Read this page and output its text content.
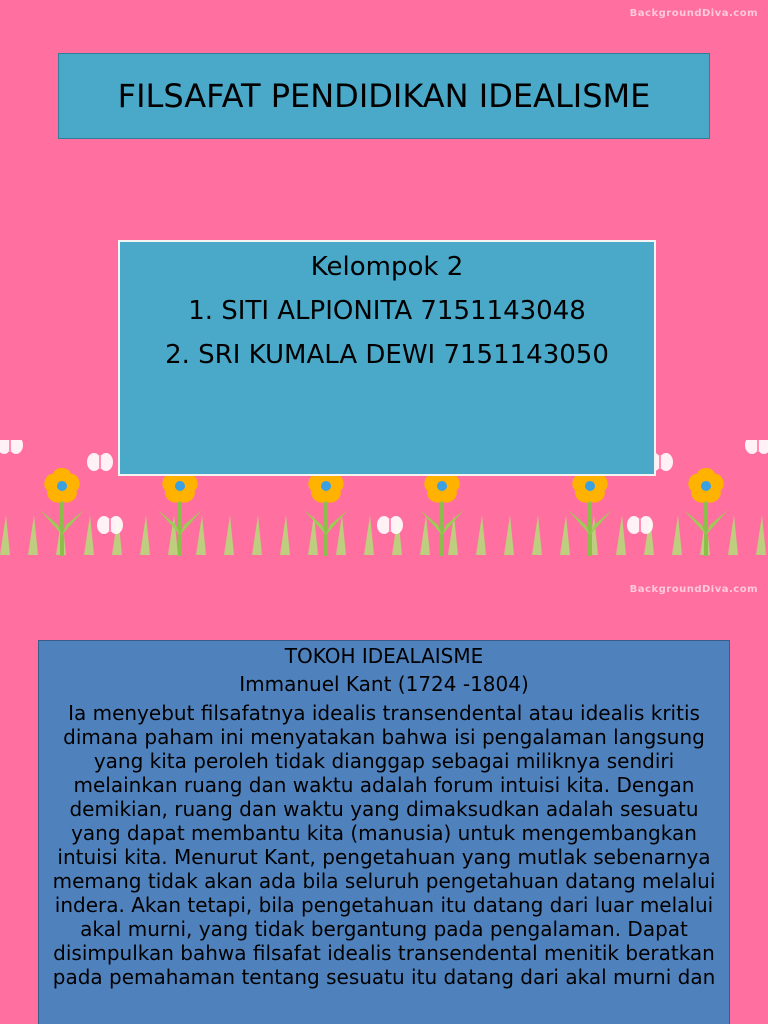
BackgroundDiva.com
FILSAFAT PENDIDIKAN IDEALISME
Kelompok 2
1. SITI ALPIONITA 7151143048
2. SRI KUMALA DEWI 7151143050
BackgroundDiva.com
TOKOH IDEALAISME
Immanuel Kant (1724 -1804)
Ia menyebut filsafatnya idealis transendental atau idealis kritis dimana paham ini menyatakan bahwa isi pengalaman langsung yang kita peroleh tidak dianggap sebagai miliknya sendiri melainkan ruang dan waktu adalah forum intuisi kita. Dengan demikian, ruang dan waktu yang dimaksudkan adalah sesuatu yang dapat membantu kita (manusia) untuk mengembangkan intuisi kita. Menurut Kant, pengetahuan yang mutlak sebenarnya memang tidak akan ada bila seluruh pengetahuan datang melalui indera. Akan tetapi, bila pengetahuan itu datang dari luar melalui akal murni, yang tidak bergantung pada pengalaman. Dapat disimpulkan bahwa filsafat idealis transendental menitik beratkan pada pemahaman tentang sesuatu itu datang dari akal murni dan
